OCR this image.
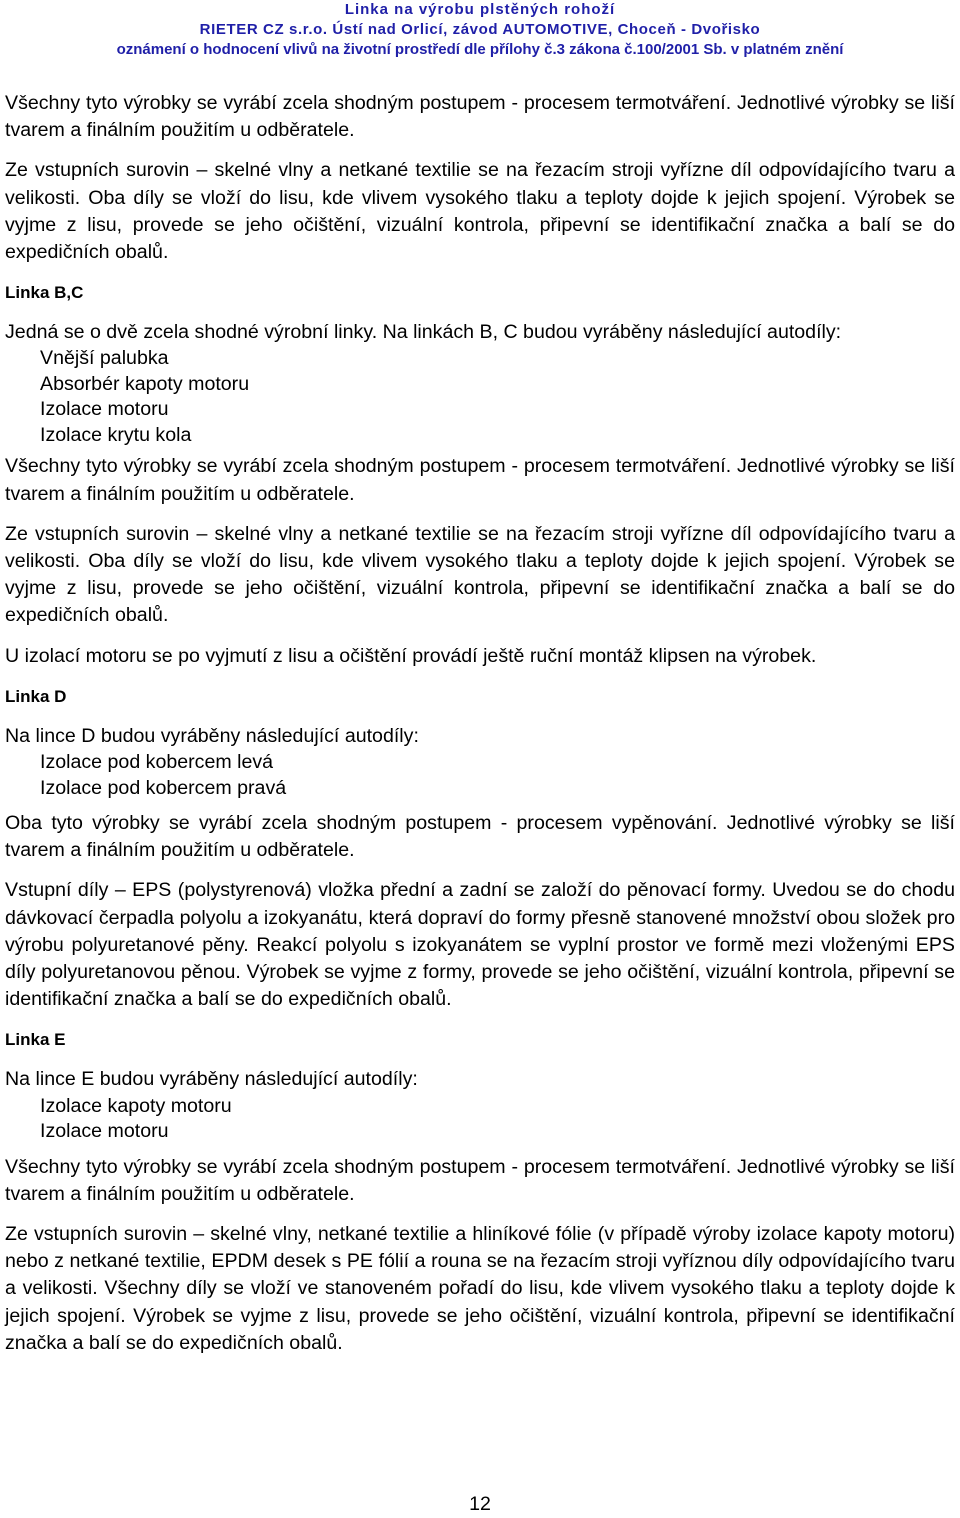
Linka na výrobu plstěných rohoží
RIETER CZ s.r.o. Ústí nad Orlicí, závod AUTOMOTIVE, Choceň - Dvořisko
oznámení o hodnocení vlivů na životní prostředí dle přílohy č.3 zákona č.100/2001 Sb. v platném znění

Všechny tyto výrobky se vyrábí zcela shodným postupem - procesem termotváření. Jednotlivé výrobky se liší tvarem a finálním použitím u odběratele.

Ze vstupních surovin – skelné vlny a netkané textilie se na řezacím stroji vyřízne díl odpovídajícího tvaru a velikosti. Oba díly se vloží do lisu, kde vlivem vysokého tlaku a teploty dojde k jejich spojení. Výrobek se vyjme z lisu, provede se jeho očištění, vizuální kontrola, připevní se identifikační značka a balí se do expedičních obalů.

Linka B,C

Jedná se o dvě zcela shodné výrobní linky. Na linkách B, C budou vyráběny následující autodíly:

Vnější palubka
Absorbér kapoty motoru
Izolace motoru
Izolace krytu kola

Všechny tyto výrobky se vyrábí zcela shodným postupem - procesem termotváření. Jednotlivé výrobky se liší tvarem a finálním použitím u odběratele.

Ze vstupních surovin – skelné vlny a netkané textilie se na řezacím stroji vyřízne díl odpovídajícího tvaru a velikosti. Oba díly se vloží do lisu, kde vlivem vysokého tlaku a teploty dojde k jejich spojení. Výrobek se vyjme z lisu, provede se jeho očištění, vizuální kontrola, připevní se identifikační značka a balí se do expedičních obalů.

U izolací motoru se po vyjmutí z lisu a očištění provádí ještě ruční montáž klipsen na výrobek.

Linka D

Na lince D budou vyráběny následující autodíly:

Izolace pod kobercem levá
Izolace pod kobercem pravá

Oba tyto výrobky se vyrábí zcela shodným postupem - procesem vypěnování. Jednotlivé výrobky se liší tvarem a finálním použitím u odběratele.

Vstupní díly – EPS (polystyrenová) vložka přední a zadní se založí do pěnovací formy. Uvedou se do chodu dávkovací čerpadla polyolu a izokyanátu, která dopraví do formy přesně stanovené množství obou složek pro výrobu polyuretanové pěny. Reakcí polyolu s izokyanátem se vyplní prostor ve formě mezi vloženými EPS díly polyuretanovou pěnou. Výrobek se vyjme z formy, provede se jeho očištění, vizuální kontrola, připevní se identifikační značka a balí se do expedičních obalů.

Linka E

Na lince E budou vyráběny následující autodíly:

Izolace kapoty motoru
Izolace motoru

Všechny tyto výrobky se vyrábí zcela shodným postupem - procesem termotváření. Jednotlivé výrobky se liší tvarem a finálním použitím u odběratele.

Ze vstupních surovin – skelné vlny, netkané textilie a hliníkové fólie (v případě výroby izolace kapoty motoru) nebo z netkané textilie, EPDM desek s PE fólií a rouna se na řezacím stroji vyříznou díly odpovídajícího tvaru a velikosti. Všechny díly se vloží ve stanoveném pořadí do lisu, kde vlivem vysokého tlaku a teploty dojde k jejich spojení. Výrobek se vyjme z lisu, provede se jeho očištění, vizuální kontrola, připevní se identifikační značka a balí se do expedičních obalů.

12
